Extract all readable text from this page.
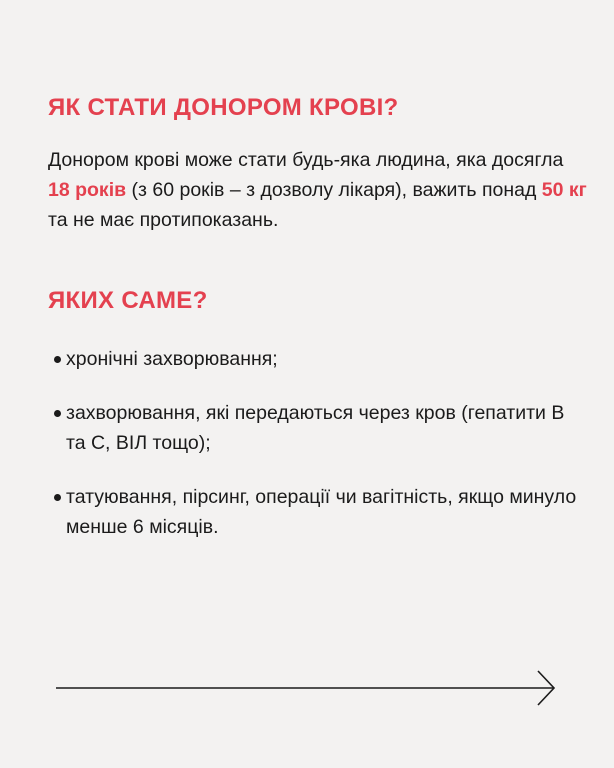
ЯК СТАТИ ДОНОРОМ КРОВІ?

Донором крові може стати будь-яка людина, яка досягла 18 років (з 60 років – з дозволу лікаря), важить понад 50 кг та не має протипоказань.

ЯКИХ САМЕ?
хронічні захворювання;
захворювання, які передаються через кров (гепатити В та С, ВІЛ тощо);
татуювання, пірсинг, операції чи вагітність, якщо минуло менше 6 місяців.
